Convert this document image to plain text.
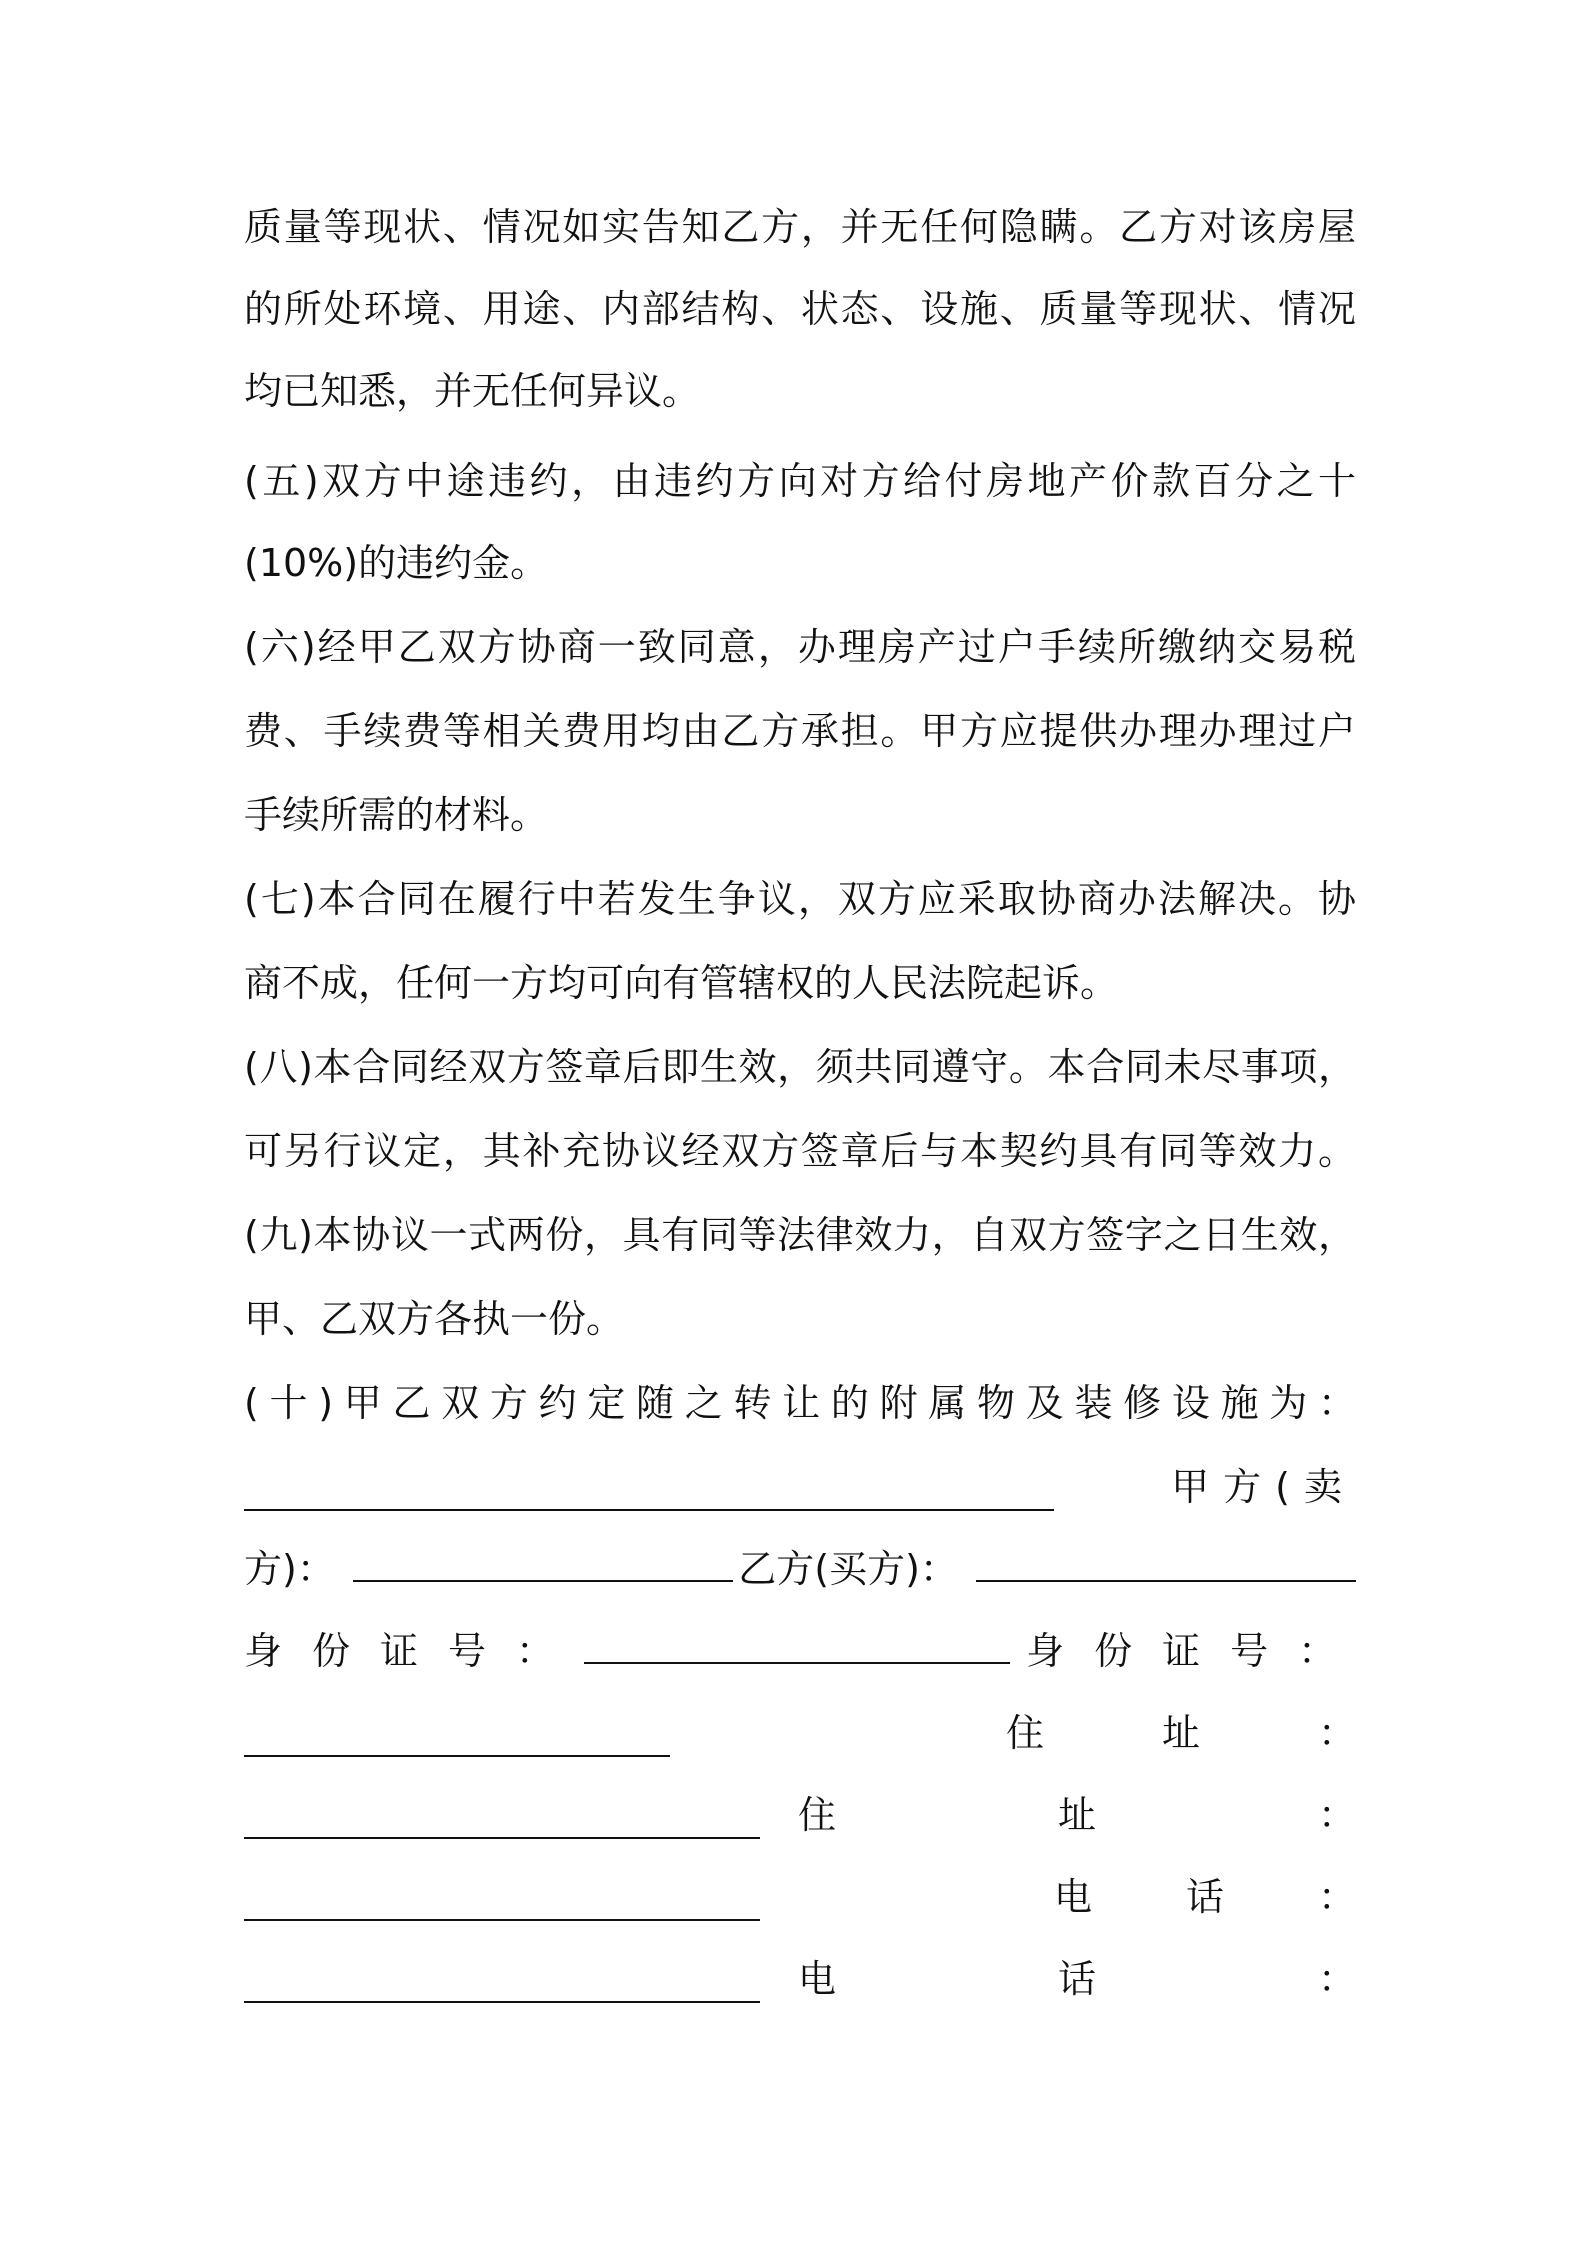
质量等现状、情况如实告知乙方，并无任何隐瞒。乙方对该房屋
的所处环境、用途、内部结构、状态、设施、质量等现状、情况
均已知悉，并无任何异议。
(五)双方中途违约，由违约方向对方给付房地产价款百分之十
(10%)的违约金。
(六)经甲乙双方协商一致同意，办理房产过户手续所缴纳交易税
费、手续费等相关费用均由乙方承担。甲方应提供办理办理过户
手续所需的材料。
(七)本合同在履行中若发生争议，双方应采取协商办法解决。协
商不成，任何一方均可向有管辖权的人民法院起诉。
(八)本合同经双方签章后即生效，须共同遵守。本合同未尽事项，
可另行议定，其补充协议经双方签章后与本契约具有同等效力。
(九)本协议一式两份，具有同等法律效力，自双方签字之日生效，
甲、乙双方各执一份。
(十)甲乙双方约定随之转让的附属物及装修设施为：
甲方(卖
方)：	乙方(买方)：
身份证号：	身份证号：
住址：
住址：
电话：
电话：
